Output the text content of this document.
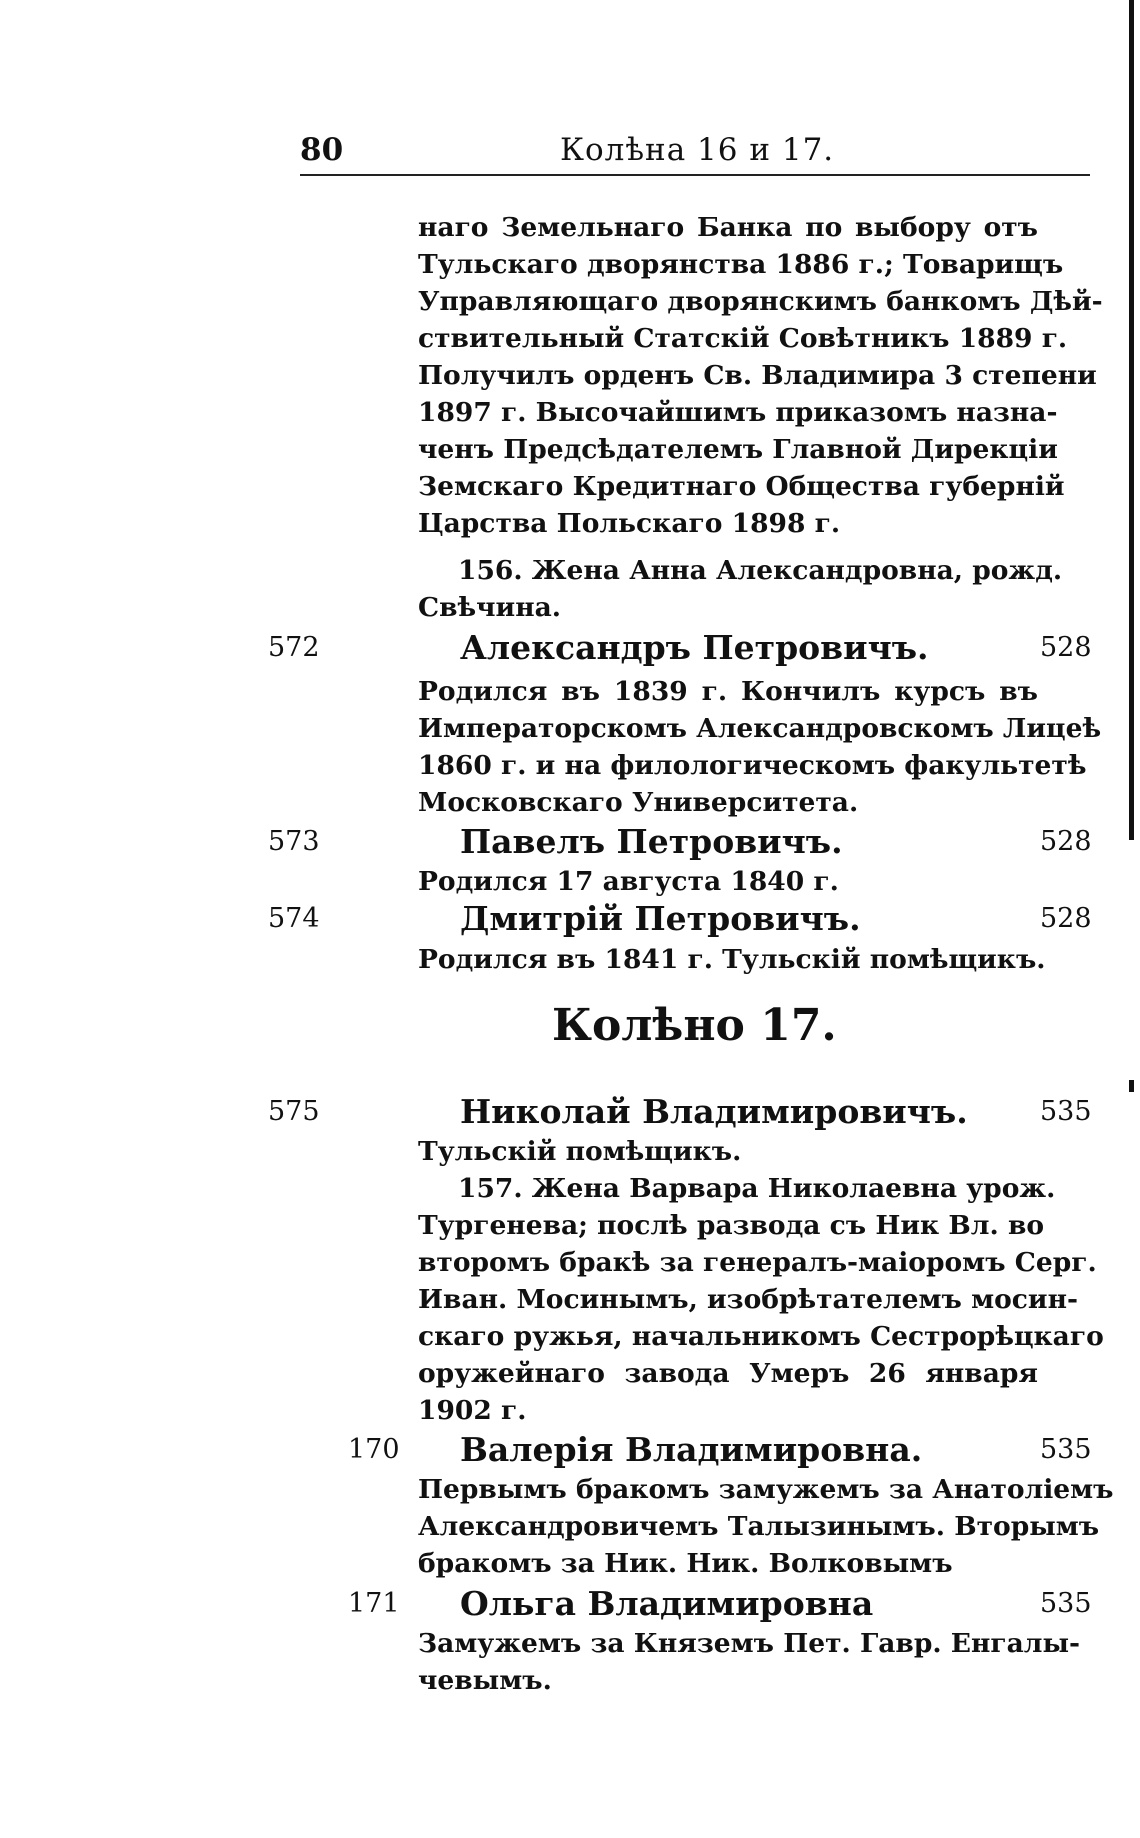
80	Колѣна 16 и 17.
наго Земельнаго Банка по выбору отъ
Тульскаго дворянства 1886 г.; Товарищъ
Управляющаго дворянскимъ банкомъ Дѣй-
ствительный Статскій Совѣтникъ 1889 г.
Получилъ орденъ Св. Владимира 3 степени
1897 г. Высочайшимъ приказомъ назна-
ченъ Предсѣдателемъ Главной Дирекціи
Земскаго Кредитнаго Общества губерній
Царства Польскаго 1898 г.
156. Жена Анна Александровна, рожд.
Свѣчина.
572	Александръ Петровичъ.	528
Родился въ 1839 г. Кончилъ курсъ въ
Императорскомъ Александровскомъ Лицеѣ
1860 г. и на филологическомъ факультетѣ
Московскаго Университета.
573	Павелъ Петровичъ.	528
Родился 17 августа 1840 г.
574	Дмитрій Петровичъ.	528
Родился въ 1841 г. Тульскій помѣщикъ.
Колѣно 17.
575	Николай Владимировичъ.	535
Тульскій помѣщикъ.
157. Жена Варвара Николаевна урож.
Тургенева; послѣ развода съ Ник Вл. во
второмъ бракѣ за генералъ-маіоромъ Серг.
Иван. Мосинымъ, изобрѣтателемъ мосин-
скаго ружья, начальникомъ Сестрорѣцкаго
оружейнаго завода Умеръ 26 января
1902 г.
170 Валерія Владимировна.	535
Первымъ бракомъ замужемъ за Анатоліемъ
Александровичемъ Талызинымъ. Вторымъ
бракомъ за Ник. Ник. Волковымъ
171 Ольга Владимировна	535
Замужемъ за Княземъ Пет. Гавр. Енгалы-
чевымъ.
